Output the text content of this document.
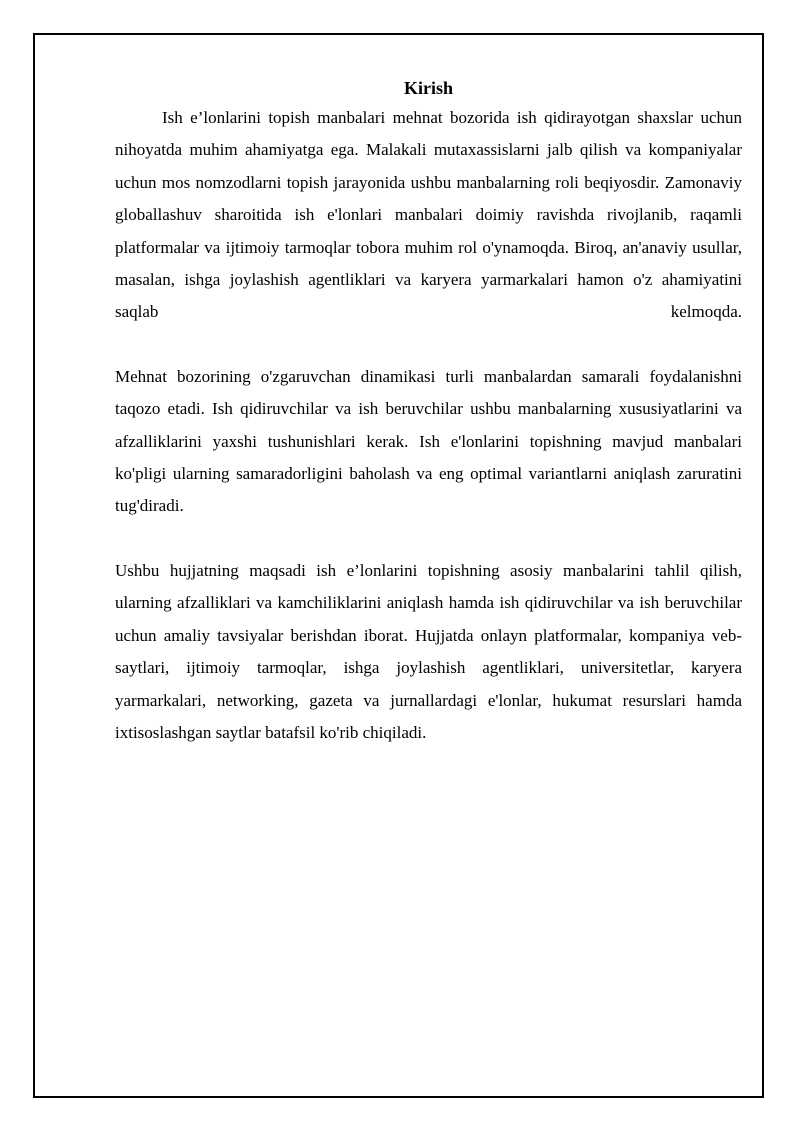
Kirish

Ish e’lonlarini topish manbalari mehnat bozorida ish qidirayotgan shaxslar uchun nihoyatda muhim ahamiyatga ega. Malakali mutaxassislarni jalb qilish va kompaniyalar uchun mos nomzodlarni topish jarayonida ushbu manbalarning roli beqiyosdir. Zamonaviy globallashuv sharoitida ish e'lonlari manbalari doimiy ravishda rivojlanib, raqamli platformalar va ijtimoiy tarmoqlar tobora muhim rol o'ynamoqda. Biroq, an'anaviy usullar, masalan, ishga joylashish agentliklari va karyera yarmarkalari hamon o'z ahamiyatini saqlab kelmoqda.

Mehnat bozorining o'zgaruvchan dinamikasi turli manbalardan samarali foydalanishni taqozo etadi. Ish qidiruvchilar va ish beruvchilar ushbu manbalarning xususiyatlarini va afzalliklarini yaxshi tushunishlari kerak. Ish e'lonlarini topishning mavjud manbalari ko'pligi ularning samaradorligini baholash va eng optimal variantlarni aniqlash zaruratini tug'diradi.

Ushbu hujjatning maqsadi ish e’lonlarini topishning asosiy manbalarini tahlil qilish, ularning afzalliklari va kamchiliklarini aniqlash hamda ish qidiruvchilar va ish beruvchilar uchun amaliy tavsiyalar berishdan iborat. Hujjatda onlayn platformalar, kompaniya veb-saytlari, ijtimoiy tarmoqlar, ishga joylashish agentliklari, universitetlar, karyera yarmarkalari, networking, gazeta va jurnallardagi e'lonlar, hukumat resurslari hamda ixtisoslashgan saytlar batafsil ko'rib chiqiladi.
